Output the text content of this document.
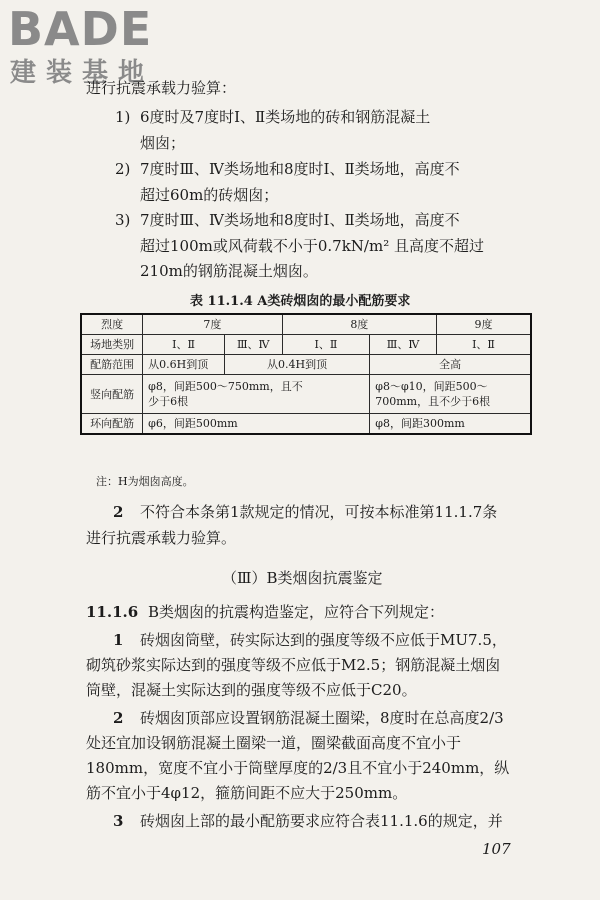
BADE
建装基地
进行抗震承载力验算：
1) 6度时及7度时Ⅰ、Ⅱ类场地的砖和钢筋混凝土
烟囱；
2) 7度时Ⅲ、Ⅳ类场地和8度时Ⅰ、Ⅱ类场地，高度不
超过60m的砖烟囱；
3) 7度时Ⅲ、Ⅳ类场地和8度时Ⅰ、Ⅱ类场地，高度不
超过100m或风荷载不小于0.7kN/m² 且高度不超过
210m的钢筋混凝土烟囱。
表 11.1.4 A类砖烟囱的最小配筋要求
烈度	7度		8度		9度
场地类别	Ⅰ、Ⅱ	Ⅲ、Ⅳ	Ⅰ、Ⅱ	Ⅲ、Ⅳ	Ⅰ、Ⅱ
配筋范围	从0.6H到顶	从0.4H到顶		全高	
竖向配筋	φ8，间距500～750mm，且不少于6根			φ8～φ10，间距500～700mm，且不少于6根	
环向配筋	φ6，间距500mm			φ8，间距300mm	
注：H为烟囱高度。
2 不符合本条第1款规定的情况，可按本标准第11.1.7条
进行抗震承载力验算。
（Ⅲ）B类烟囱抗震鉴定
11.1.6 B类烟囱的抗震构造鉴定，应符合下列规定：
1 砖烟囱筒壁，砖实际达到的强度等级不应低于MU7.5，
砌筑砂浆实际达到的强度等级不应低于M2.5；钢筋混凝土烟囱
筒壁，混凝土实际达到的强度等级不应低于C20。
2 砖烟囱顶部应设置钢筋混凝土圈梁，8度时在总高度2/3
处还宜加设钢筋混凝土圈梁一道，圈梁截面高度不宜小于
180mm，宽度不宜小于筒壁厚度的2/3且不宜小于240mm，纵
筋不宜小于4φ12，箍筋间距不应大于250mm。
3 砖烟囱上部的最小配筋要求应符合表11.1.6的规定，并
107
